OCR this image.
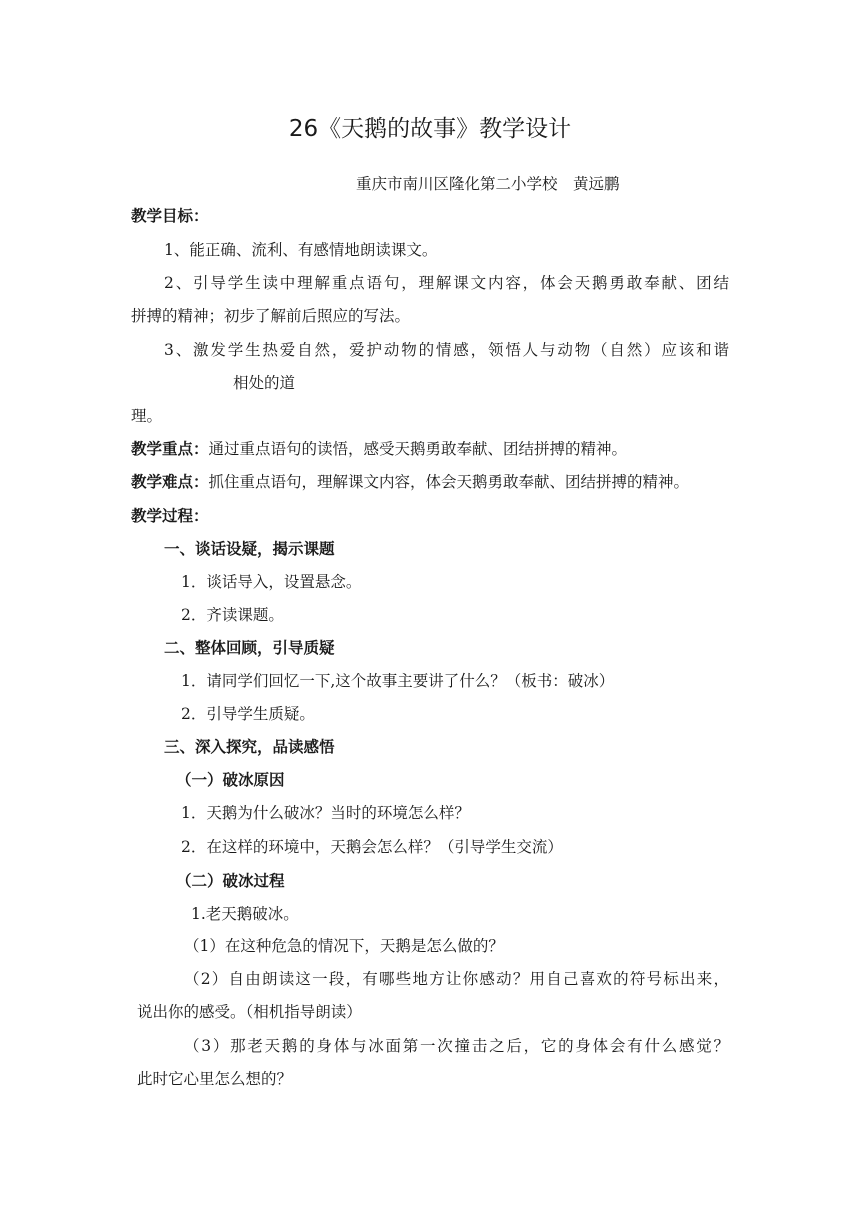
26《天鹅的故事》教学设计
重庆市南川区隆化第二小学校　黄远鹏
教学目标：
1、能正确、流利、有感情地朗读课文。
2、引导学生读中理解重点语句，理解课文内容，体会天鹅勇敢奉献、团结
拼搏的精神；初步了解前后照应的写法。
3、激发学生热爱自然，爱护动物的情感，领悟人与动物（自然）应该和谐
相处的道
理。
教学重点：通过重点语句的读悟，感受天鹅勇敢奉献、团结拼搏的精神。
教学难点：抓住重点语句，理解课文内容，体会天鹅勇敢奉献、团结拼搏的精神。
教学过程：
一、谈话设疑，揭示课题
1．谈话导入，设置悬念。
2．齐读课题。
二、整体回顾，引导质疑
1．请同学们回忆一下,这个故事主要讲了什么？（板书：破冰）
2．引导学生质疑。
三、深入探究，品读感悟
（一）破冰原因
1．天鹅为什么破冰？当时的环境怎么样？
2．在这样的环境中，天鹅会怎么样？（引导学生交流）
（二）破冰过程
1.老天鹅破冰。
（1）在这种危急的情况下，天鹅是怎么做的？
（2）自由朗读这一段，有哪些地方让你感动？用自己喜欢的符号标出来，
说出你的感受。（相机指导朗读）
（3）那老天鹅的身体与冰面第一次撞击之后，它的身体会有什么感觉？
此时它心里怎么想的？
